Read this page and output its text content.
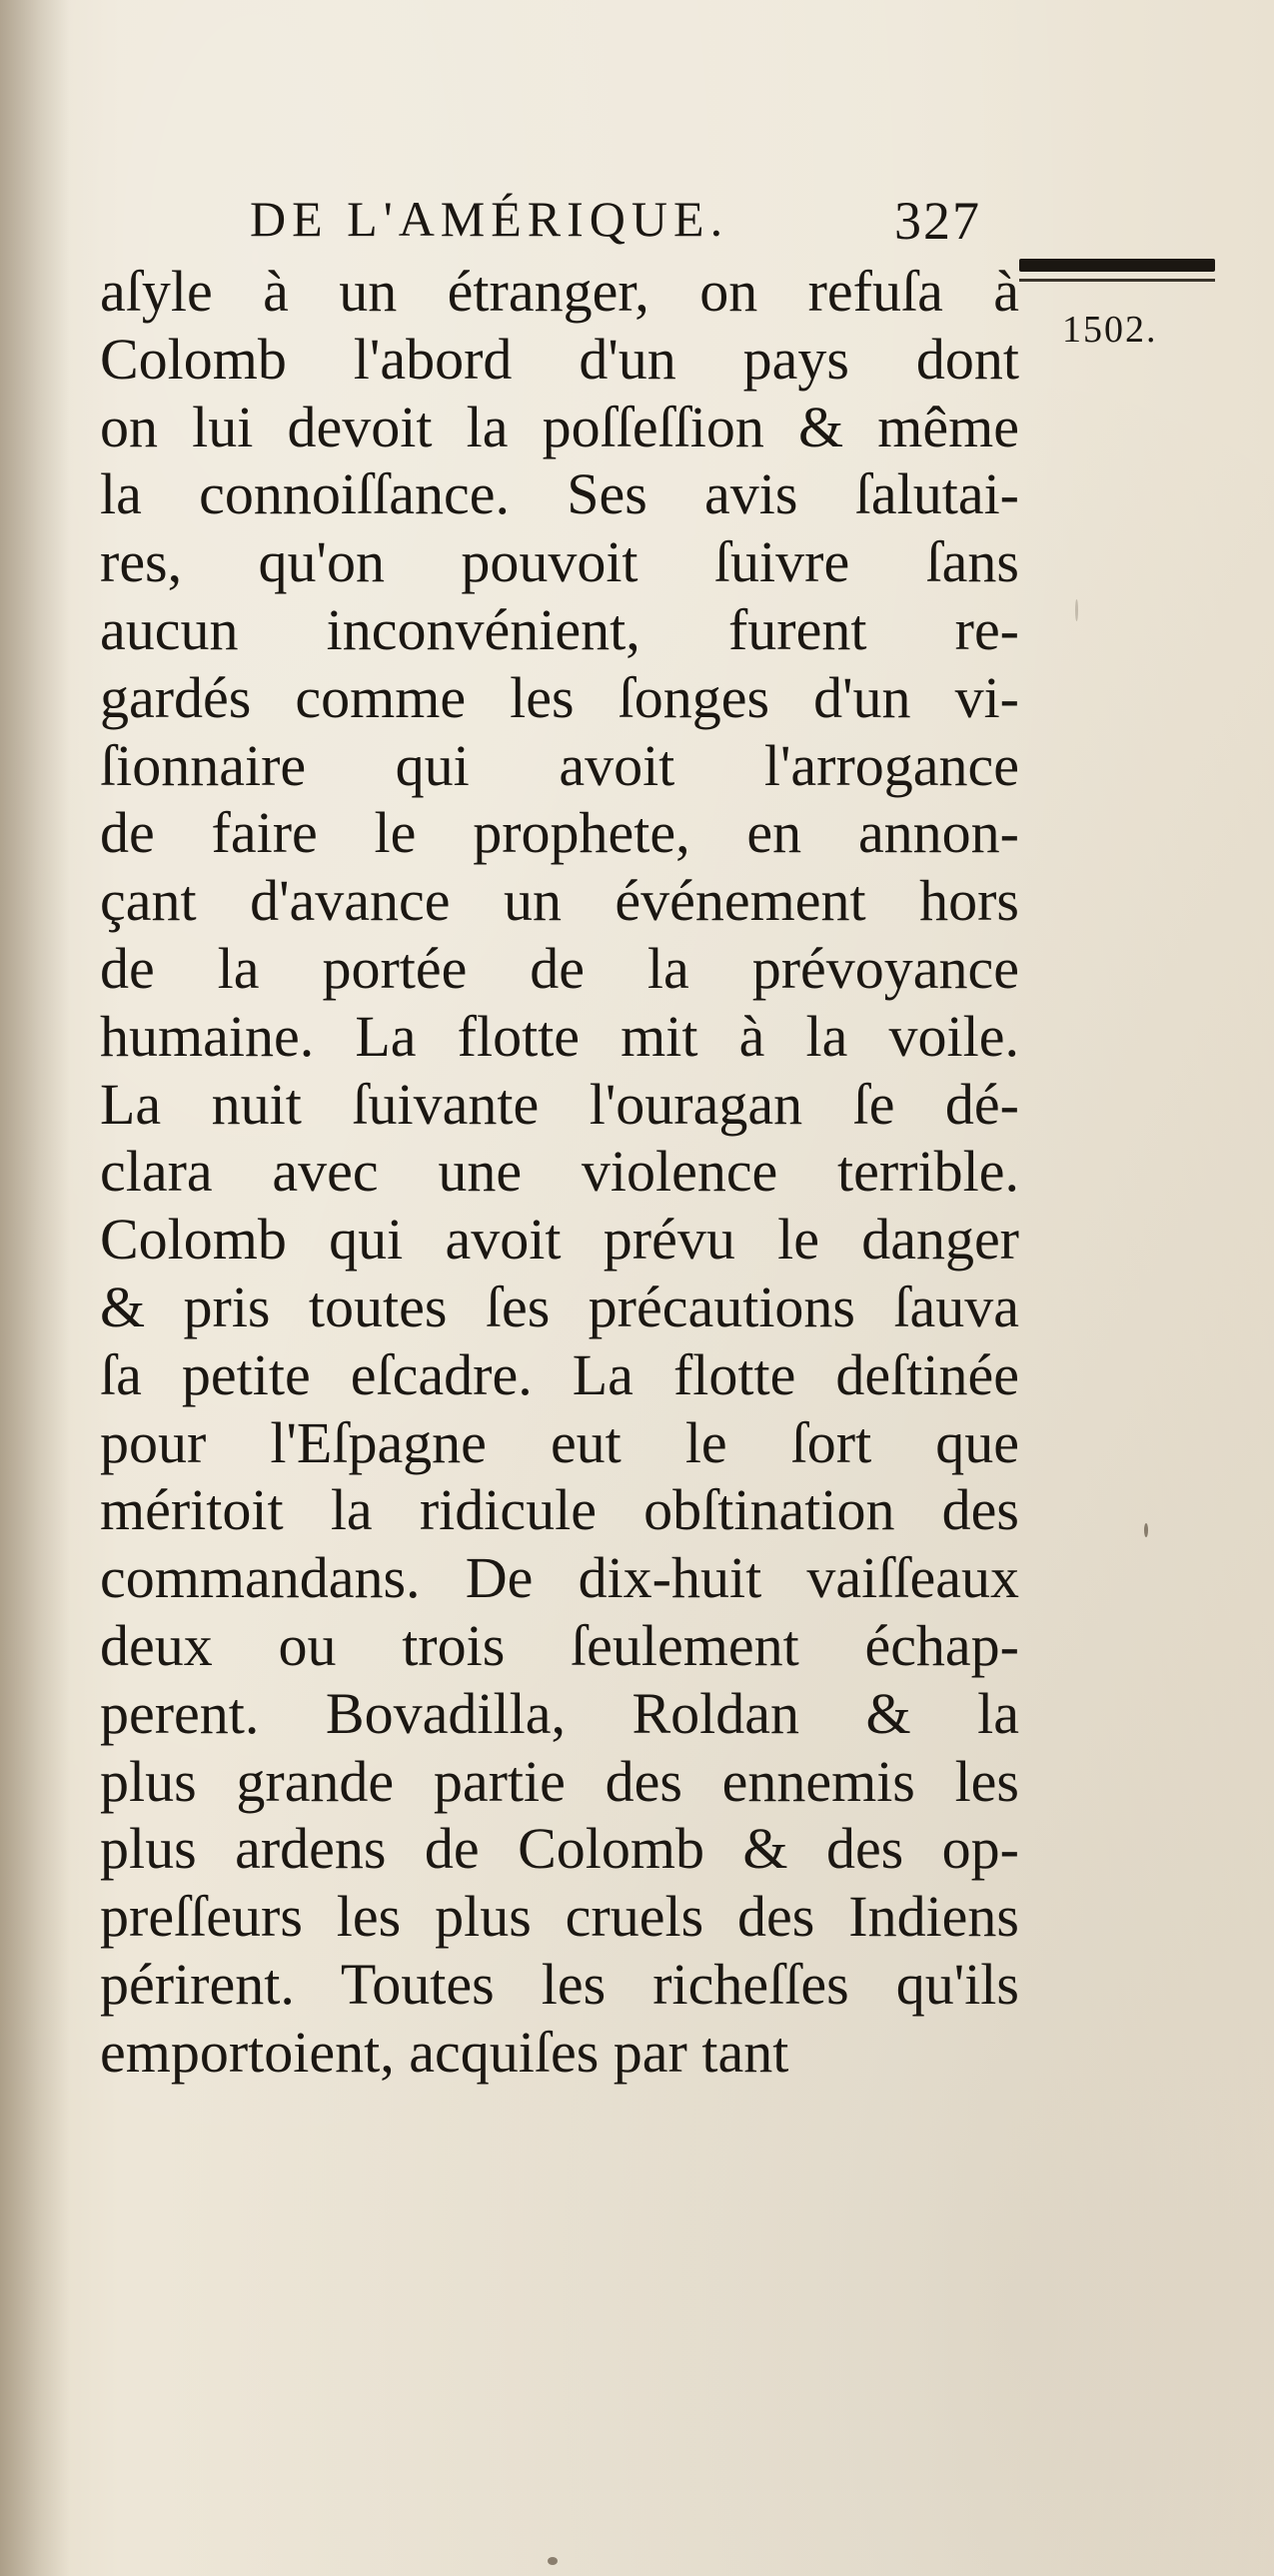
DE L'AMÉRIQUE.	327
1502.
aſyle à un étranger, on refuſa à
Colomb l'abord d'un pays dont
on lui devoit la poſſeſſion & même
la connoiſſance. Ses avis ſalutai-
res, qu'on pouvoit ſuivre ſans
aucun inconvénient, furent re-
gardés comme les ſonges d'un vi-
ſionnaire qui avoit l'arrogance
de faire le prophete, en annon-
çant d'avance un événement hors
de la portée de la prévoyance
humaine. La flotte mit à la voile.
La nuit ſuivante l'ouragan ſe dé-
clara avec une violence terrible.
Colomb qui avoit prévu le danger
& pris toutes ſes précautions ſauva
ſa petite eſcadre. La flotte deſtinée
pour l'Eſpagne eut le ſort que
méritoit la ridicule obſtination des
commandans. De dix-huit vaiſſeaux
deux ou trois ſeulement échap-
perent. Bovadilla, Roldan & la
plus grande partie des ennemis les
plus ardens de Colomb & des op-
preſſeurs les plus cruels des Indiens
périrent. Toutes les richeſſes qu'ils
emportoient, acquiſes par tant
